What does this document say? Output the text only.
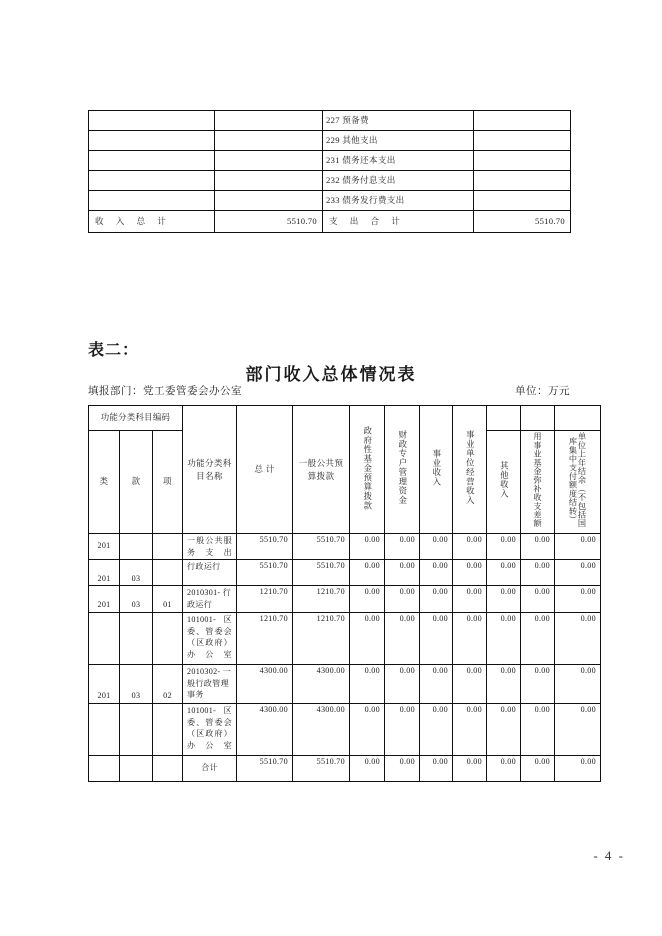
		227 预备费	
		229 其他支出	
		231 债务还本支出	
		232 债务付息支出	
		233 债务发行费支出	
收 入 总 计	5510.70	支 出 合 计	5510.70
表二：
部门收入总体情况表
填报部门：党工委管委会办公室	单位：万元
功能分类科目编码			功能分类科目名称	总 计	一般公共预算拨款	政府性基金预算拨款	财政专户管理资金	事业收入	事业单位经营收入			
类	款	项								其他收入	用事业基金弥补收支差额	单位上年结余（不包括国库集中支付额度结转）
201			一般公共服务支出	5510.70	5510.70	0.00	0.00	0.00	0.00	0.00	0.00	0.00
201	03		行政运行	5510.70	5510.70	0.00	0.00	0.00	0.00	0.00	0.00	0.00
201	03	01	2010301- 行政运行	1210.70	1210.70	0.00	0.00	0.00	0.00	0.00	0.00	0.00
			101001- 区委、管委会（区政府）办公室	1210.70	1210.70	0.00	0.00	0.00	0.00	0.00	0.00	0.00
201	03	02	2010302- 一般行政管理事务	4300.00	4300.00	0.00	0.00	0.00	0.00	0.00	0.00	0.00
			101001- 区委、管委会（区政府）办公室	4300.00	4300.00	0.00	0.00	0.00	0.00	0.00	0.00	0.00
			合计	5510.70	5510.70	0.00	0.00	0.00	0.00	0.00	0.00	0.00
- 4 -
